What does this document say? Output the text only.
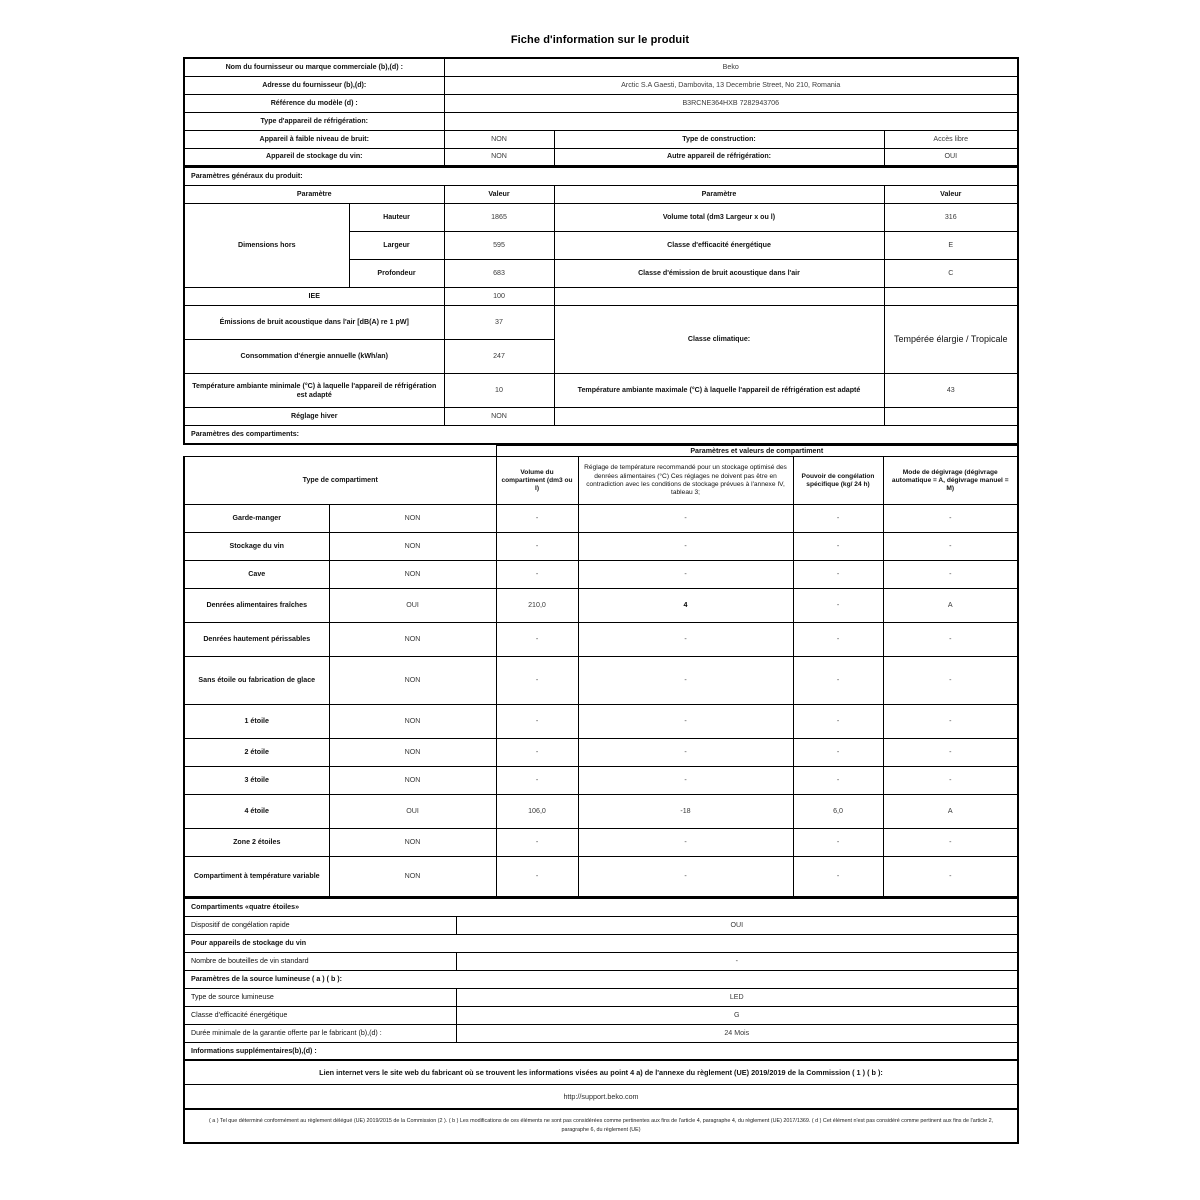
Fiche d'information sur le produit
Nom du fournisseur ou marque commerciale (b),(d) :	Beko		
Adresse du fournisseur (b),(d):	Arctic S.A Gaesti, Dambovita, 13 Decembrie Street, No 210, Romania		
Référence du modèle (d) :	B3RCNE364HXB 7282943706		
Type d'appareil de réfrigération:			
Appareil à faible niveau de bruit:	NON	Type de construction:	Accès libre
Appareil de stockage du vin:	NON	Autre appareil de réfrigération:	OUI
Paramètres généraux du produit:				
Paramètre		Valeur	Paramètre	Valeur
Dimensions hors	Hauteur	1865	Volume total (dm3 Largeur x ou l)	316
	Largeur	595	Classe d'efficacité énergétique	E
	Profondeur	683	Classe d'émission de bruit acoustique dans l'air	C
IEE		100		
Émissions de bruit acoustique dans l'air [dB(A) re 1 pW]		37	Classe climatique:	Tempérée élargie / Tropicale
Consommation d'énergie annuelle (kWh/an)		247		
Température ambiante minimale (°C) à laquelle l'appareil de réfrigération est adapté		10	Température ambiante maximale (°C) à laquelle l'appareil de réfrigération est adapté	43
Réglage hiver		NON		
Paramètres des compartiments:				
		Paramètres et valeurs de compartiment			
Type de compartiment		Volume du compartiment (dm3 ou l)	Réglage de température recommandé pour un stockage optimisé des denrées alimentaires (°C) Ces réglages ne doivent pas être en contradiction avec les conditions de stockage prévues à l'annexe IV, tableau 3;	Pouvoir de congélation spécifique (kg/ 24 h)	Mode de dégivrage (dégivrage automatique = A, dégivrage manuel = M)
Garde-manger	NON	-	-	-	-
Stockage du vin	NON	-	-	-	-
Cave	NON	-	-	-	-
Denrées alimentaires fraîches	OUI	210,0	4	-	A
Denrées hautement périssables	NON	-	-	-	-
Sans étoile ou fabrication de glace	NON	-	-	-	-
1 étoile	NON	-	-	-	-
2 étoile	NON	-	-	-	-
3 étoile	NON	-	-	-	-
4 étoile	OUI	106,0	-18	6,0	A
Zone 2 étoiles	NON	-	-	-	-
Compartiment à température variable	NON	-	-	-	-
Compartiments «quatre étoiles»	
Dispositif de congélation rapide	OUI
Pour appareils de stockage du vin	
Nombre de bouteilles de vin standard	-
Paramètres de la source lumineuse ( a ) ( b ):	
Type de source lumineuse	LED
Classe d'efficacité énergétique	G
Durée minimale de la garantie offerte par le fabricant (b),(d) :	24 Mois
Informations supplémentaires(b),(d) :	
Lien internet vers le site web du fabricant où se trouvent les informations visées au point 4 a) de l'annexe du règlement (UE) 2019/2019 de la Commission ( 1 ) ( b ):	
http://support.beko.com	
( a ) Tel que déterminé conformément au règlement délégué (UE) 2019/2015 de la Commission (2 ). ( b ) Les modifications de ces éléments ne sont pas considérées comme pertinentes aux fins de l'article 4, paragraphe 4, du règlement (UE) 2017/1369. ( d ) Cet élément n'est pas considéré comme pertinent aux fins de l'article 2, paragraphe 6, du règlement (UE)	
